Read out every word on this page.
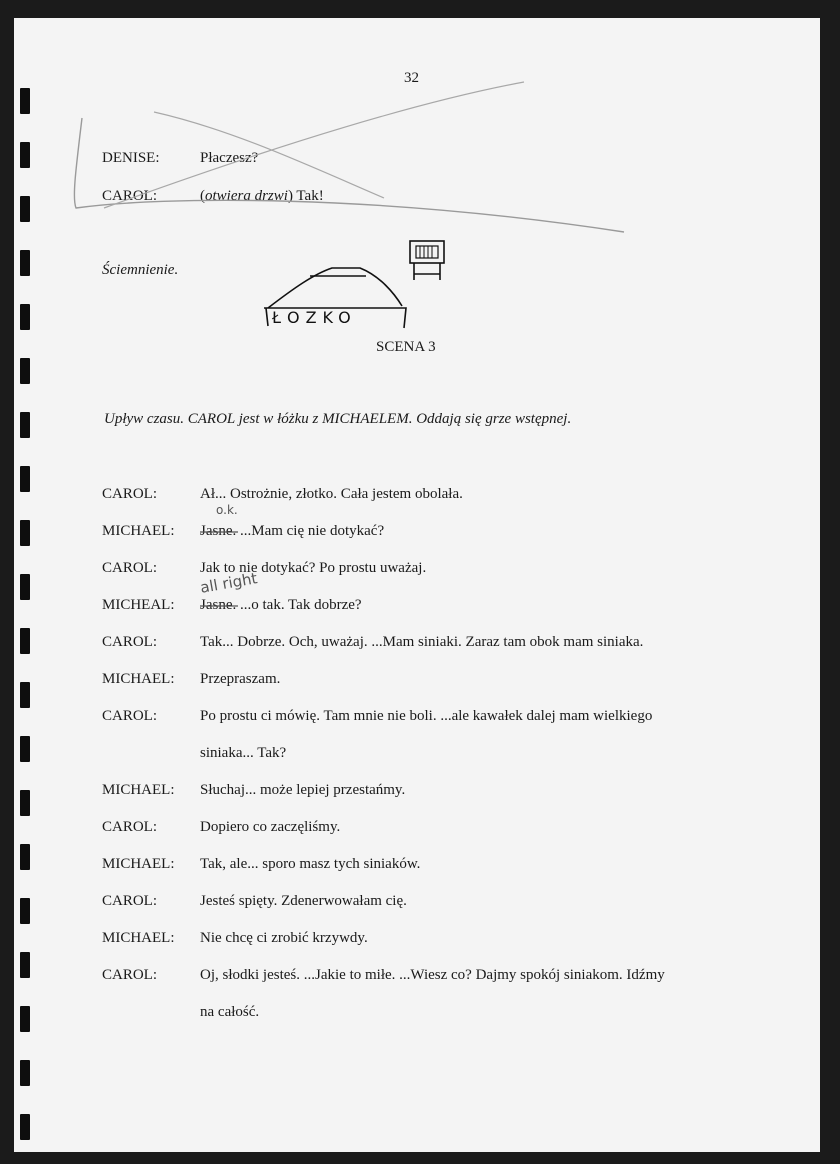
32
DENISE:	Płaczesz?
CAROL:	(otwiera drzwi) Tak!
Ściemnienie.
ŁOZKO
SCENA 3
Upływ czasu. CAROL jest w łóżku z MICHAELEM. Oddają się grze wstępnej.
CAROL:	Ał... Ostrożnie, złotko. Cała jestem obolała.
MICHAEL: Jasne. ...Mam cię nie dotykać?
o.k.
CAROL:	Jak to nie dotykać? Po prostu uważaj.
MICHEAL: Jasne. ...o tak. Tak dobrze?
all right
CAROL:	Tak... Dobrze. Och, uważaj. ...Mam siniaki. Zaraz tam obok mam siniaka.
MICHAEL: Przepraszam.
CAROL:	Po prostu ci mówię. Tam mnie nie boli. ...ale kawałek dalej mam wielkiego
siniaka... Tak?
MICHAEL: Słuchaj... może lepiej przestańmy.
CAROL:	Dopiero co zaczęliśmy.
MICHAEL: Tak, ale... sporo masz tych siniaków.
CAROL:	Jesteś spięty. Zdenerwowałam cię.
MICHAEL: Nie chcę ci zrobić krzywdy.
CAROL:	Oj, słodki jesteś. ...Jakie to miłe. ...Wiesz co? Dajmy spokój siniakom. Idźmy
na całość.
